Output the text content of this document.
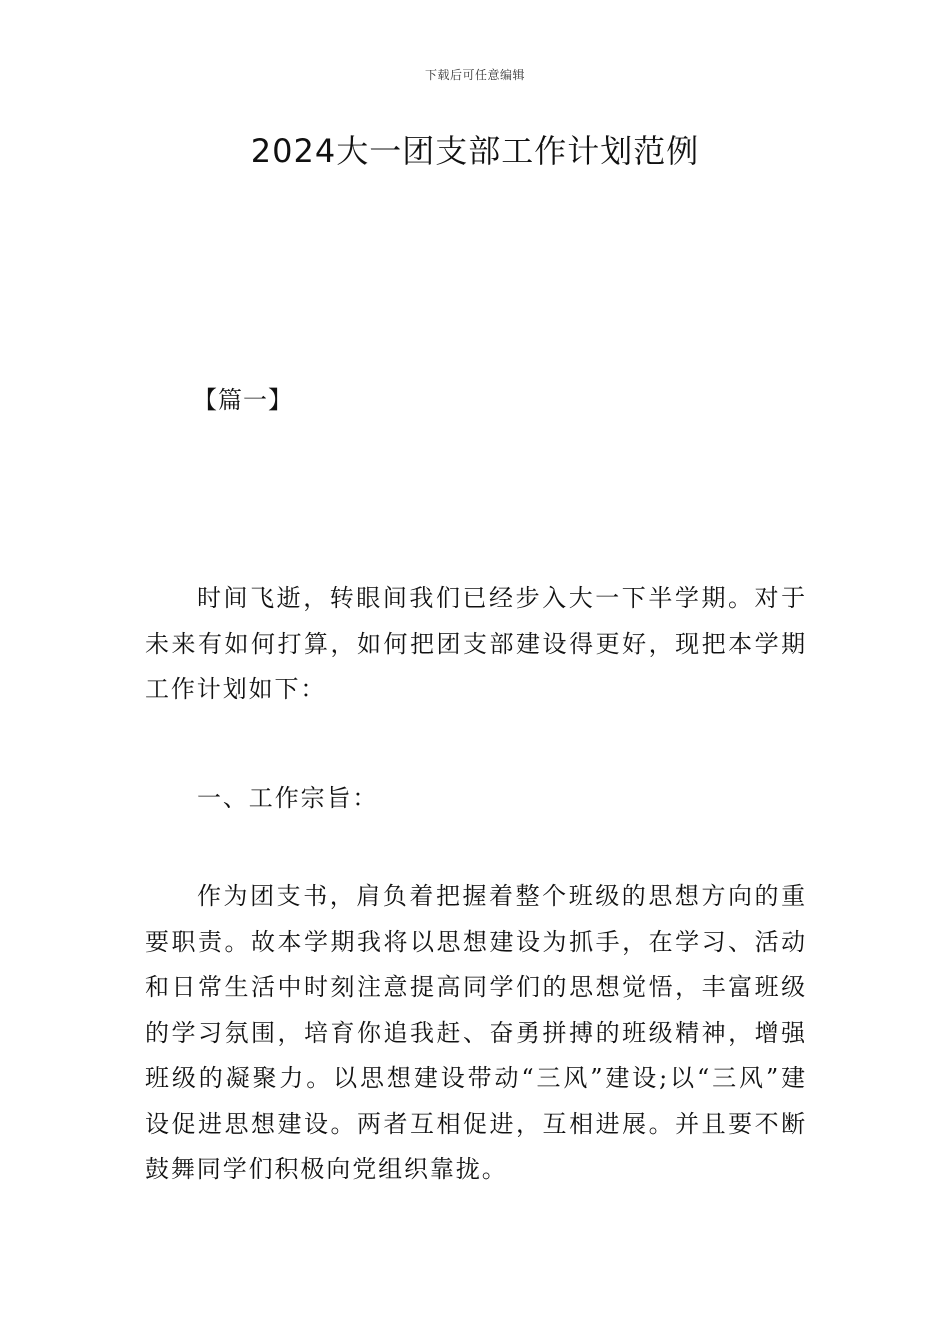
下载后可任意编辑
2024大一团支部工作计划范例
【篇一】

时间飞逝，转眼间我们已经步入大一下半学期。对于未来有如何打算，如何把团支部建设得更好，现把本学期工作计划如下：

一、工作宗旨：

作为团支书，肩负着把握着整个班级的思想方向的重要职责。故本学期我将以思想建设为抓手，在学习、活动和日常生活中时刻注意提高同学们的思想觉悟，丰富班级的学习氛围，培育你追我赶、奋勇拼搏的班级精神，增强班级的凝聚力。以思想建设带动“三风”建设;以“三风”建设促进思想建设。两者互相促进，互相进展。并且要不断鼓舞同学们积极向党组织靠拢。
